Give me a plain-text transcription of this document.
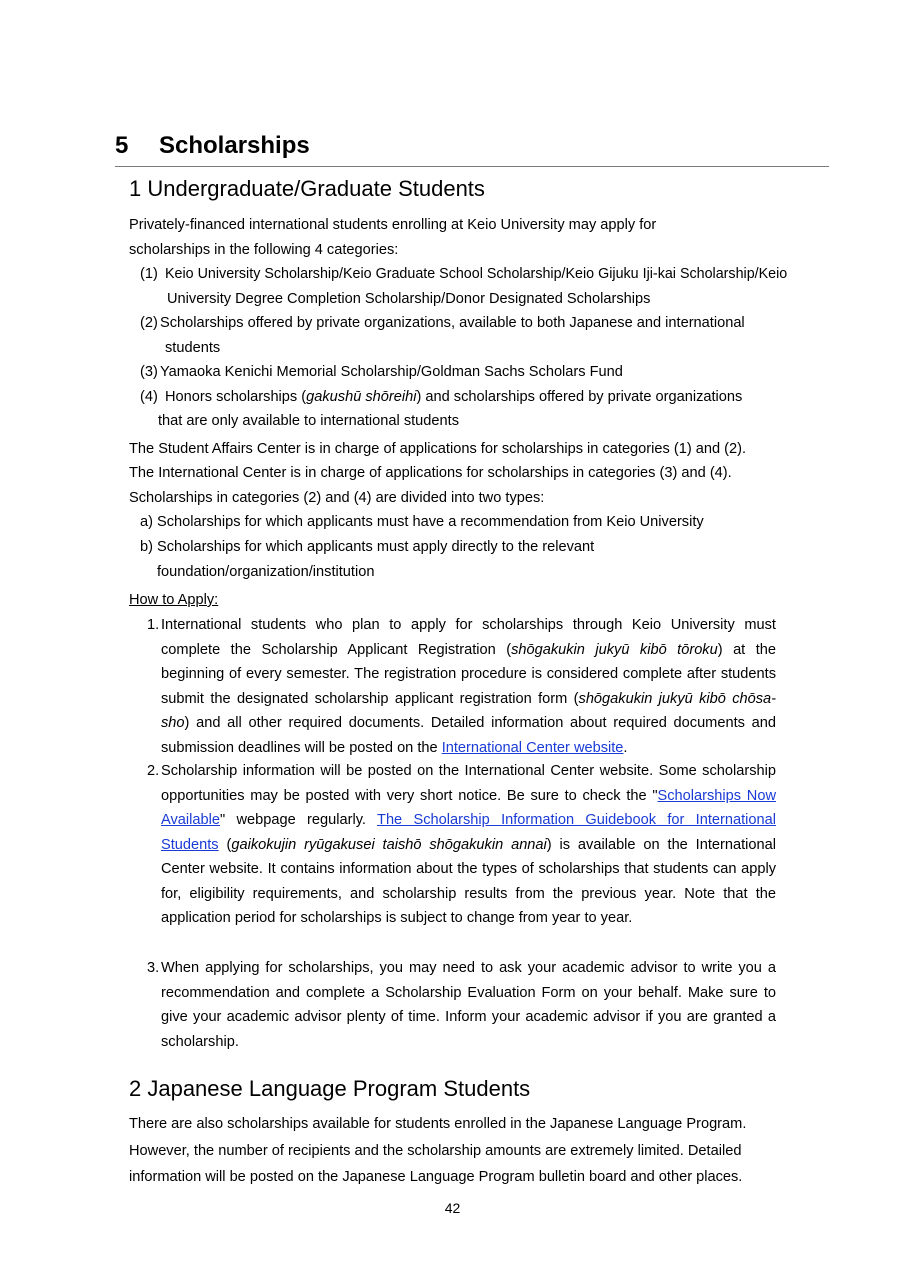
5 Scholarships
1 Undergraduate/Graduate Students
Privately-financed international students enrolling at Keio University may apply for
scholarships in the following 4 categories:
(1) Keio University Scholarship/Keio Graduate School Scholarship/Keio Gijuku Iji-kai Scholarship/Keio
University Degree Completion Scholarship/Donor Designated Scholarships
(2) Scholarships offered by private organizations, available to both Japanese and international
students
(3) Yamaoka Kenichi Memorial Scholarship/Goldman Sachs Scholars Fund
(4) Honors scholarships (gakushū shōreihi) and scholarships offered by private organizations
that are only available to international students
The Student Affairs Center is in charge of applications for scholarships in categories (1) and (2).
The International Center is in charge of applications for scholarships in categories (3) and (4).
Scholarships in categories (2) and (4) are divided into two types:
a) Scholarships for which applicants must have a recommendation from Keio University
b) Scholarships for which applicants must apply directly to the relevant
foundation/organization/institution
How to Apply:
1. International students who plan to apply for scholarships through Keio University must complete the Scholarship Applicant Registration (shōgakukin jukyū kibō tōroku) at the beginning of every semester. The registration procedure is considered complete after students submit the designated scholarship applicant registration form (shōgakukin jukyū kibō chōsa-sho) and all other required documents. Detailed information about required documents and submission deadlines will be posted on the International Center website.
2. Scholarship information will be posted on the International Center website. Some scholarship opportunities may be posted with very short notice. Be sure to check the "Scholarships Now Available" webpage regularly. The Scholarship Information Guidebook for International Students (gaikokujin ryūgakusei taishō shōgakukin annai) is available on the International Center website. It contains information about the types of scholarships that students can apply for, eligibility requirements, and scholarship results from the previous year. Note that the application period for scholarships is subject to change from year to year.
3. When applying for scholarships, you may need to ask your academic advisor to write you a recommendation and complete a Scholarship Evaluation Form on your behalf. Make sure to give your academic advisor plenty of time. Inform your academic advisor if you are granted a scholarship.
2 Japanese Language Program Students
There are also scholarships available for students enrolled in the Japanese Language Program.
However, the number of recipients and the scholarship amounts are extremely limited. Detailed
information will be posted on the Japanese Language Program bulletin board and other places.
42
